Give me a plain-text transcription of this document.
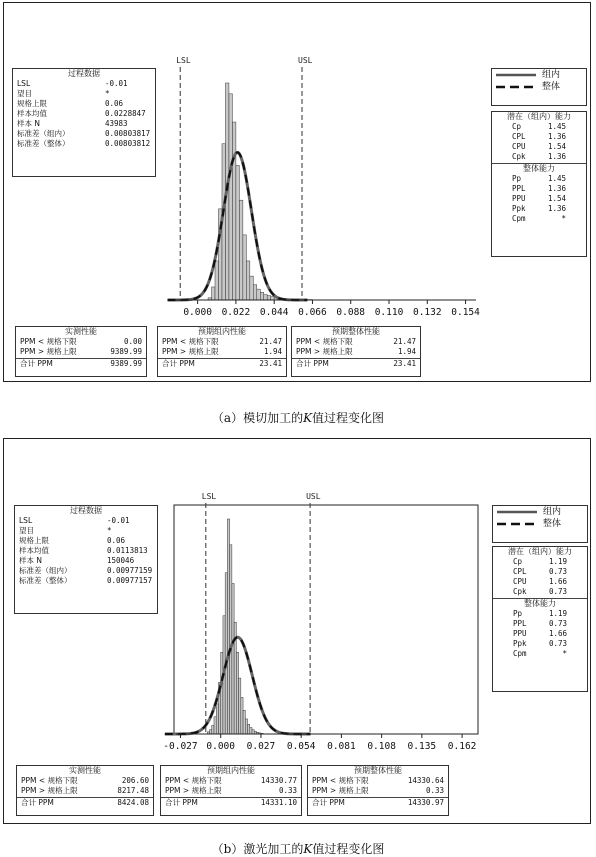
LSL	USL
0.000 0.022 0.044 0.066 0.088 0.110 0.132 0.154
过程数据
LSL	-0.01
望目	*
规格上限	0.06
样本均值	0.0228847
样本 N	43983
标准差（组内）	0.00803817
标准差（整体）	0.00803812
组内
整体
潜在（组内）能力
Cp	1.45
CPL	1.36
CPU	1.54
Cpk	1.36
整体能力
Pp	1.45
PPL	1.36
PPU	1.54
Ppk	1.36
Cpm	*
实测性能
PPM < 规格下限	0.00
PPM > 规格上限	9389.99
合计 PPM	9389.99
预期组内性能
PPM < 规格下限	21.47
PPM > 规格上限	1.94
合计 PPM	23.41
预期整体性能
PPM < 规格下限	21.47
PPM > 规格上限	1.94
合计 PPM	23.41
（a）模切加工的K值过程变化图
LSL	USL
-0.027 0.000 0.027 0.054 0.081 0.108 0.135 0.162
过程数据
LSL	-0.01
望目	*
规格上限	0.06
样本均值	0.0113813
样本 N	150046
标准差（组内）	0.00977159
标准差（整体）	0.00977157
组内
整体
潜在（组内）能力
Cp	1.19
CPL	0.73
CPU	1.66
Cpk	0.73
整体能力
Pp	1.19
PPL	0.73
PPU	1.66
Ppk	0.73
Cpm	*
实测性能
PPM < 规格下限	206.60
PPM > 规格上限	8217.48
合计 PPM	8424.08
预期组内性能
PPM < 规格下限	14330.77
PPM > 规格上限	0.33
合计 PPM	14331.10
预期整体性能
PPM < 规格下限	14330.64
PPM > 规格上限	0.33
合计 PPM	14330.97
（b）激光加工的K值过程变化图
